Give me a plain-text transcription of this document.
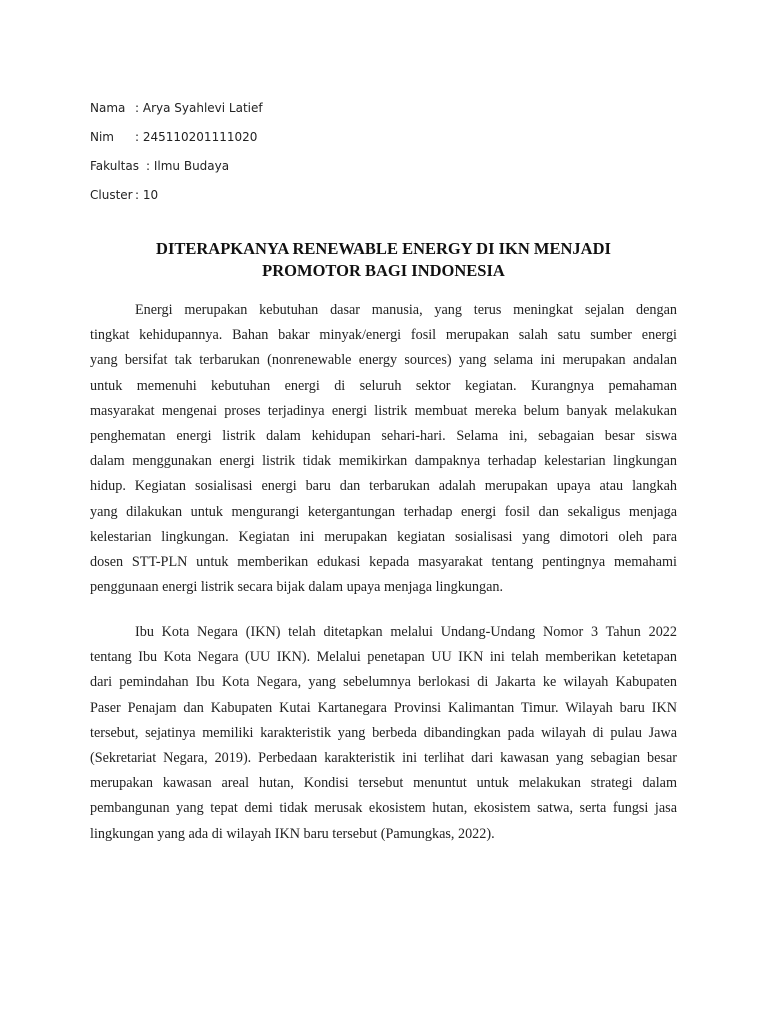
Nama : Arya Syahlevi Latief
Nim	: 245110201111020
Fakultas : Ilmu Budaya
Cluster : 10
DITERAPKANYA RENEWABLE ENERGY DI IKN MENJADI
PROMOTOR BAGI INDONESIA
Energi merupakan kebutuhan dasar manusia, yang terus meningkat sejalan dengan
tingkat kehidupannya. Bahan bakar minyak/energi fosil merupakan salah satu sumber energi
yang bersifat tak terbarukan (nonrenewable energy sources) yang selama ini merupakan andalan
untuk memenuhi kebutuhan energi di seluruh sektor kegiatan. Kurangnya pemahaman
masyarakat mengenai proses terjadinya energi listrik membuat mereka belum banyak melakukan
penghematan energi listrik dalam kehidupan sehari-hari. Selama ini, sebagaian besar siswa
dalam menggunakan energi listrik tidak memikirkan dampaknya terhadap kelestarian lingkungan
hidup. Kegiatan sosialisasi energi baru dan terbarukan adalah merupakan upaya atau langkah
yang dilakukan untuk mengurangi ketergantungan terhadap energi fosil dan sekaligus menjaga
kelestarian lingkungan. Kegiatan ini merupakan kegiatan sosialisasi yang dimotori oleh para
dosen STT-PLN untuk memberikan edukasi kepada masyarakat tentang pentingnya memahami
penggunaan energi listrik secara bijak dalam upaya menjaga lingkungan.
Ibu Kota Negara (IKN) telah ditetapkan melalui Undang-Undang Nomor 3 Tahun 2022
tentang Ibu Kota Negara (UU IKN). Melalui penetapan UU IKN ini telah memberikan ketetapan
dari pemindahan Ibu Kota Negara, yang sebelumnya berlokasi di Jakarta ke wilayah Kabupaten
Paser Penajam dan Kabupaten Kutai Kartanegara Provinsi Kalimantan Timur. Wilayah baru IKN
tersebut, sejatinya memiliki karakteristik yang berbeda dibandingkan pada wilayah di pulau Jawa
(Sekretariat Negara, 2019). Perbedaan karakteristik ini terlihat dari kawasan yang sebagian besar
merupakan kawasan areal hutan, Kondisi tersebut menuntut untuk melakukan strategi dalam
pembangunan yang tepat demi tidak merusak ekosistem hutan, ekosistem satwa, serta fungsi jasa
lingkungan yang ada di wilayah IKN baru tersebut (Pamungkas, 2022).
